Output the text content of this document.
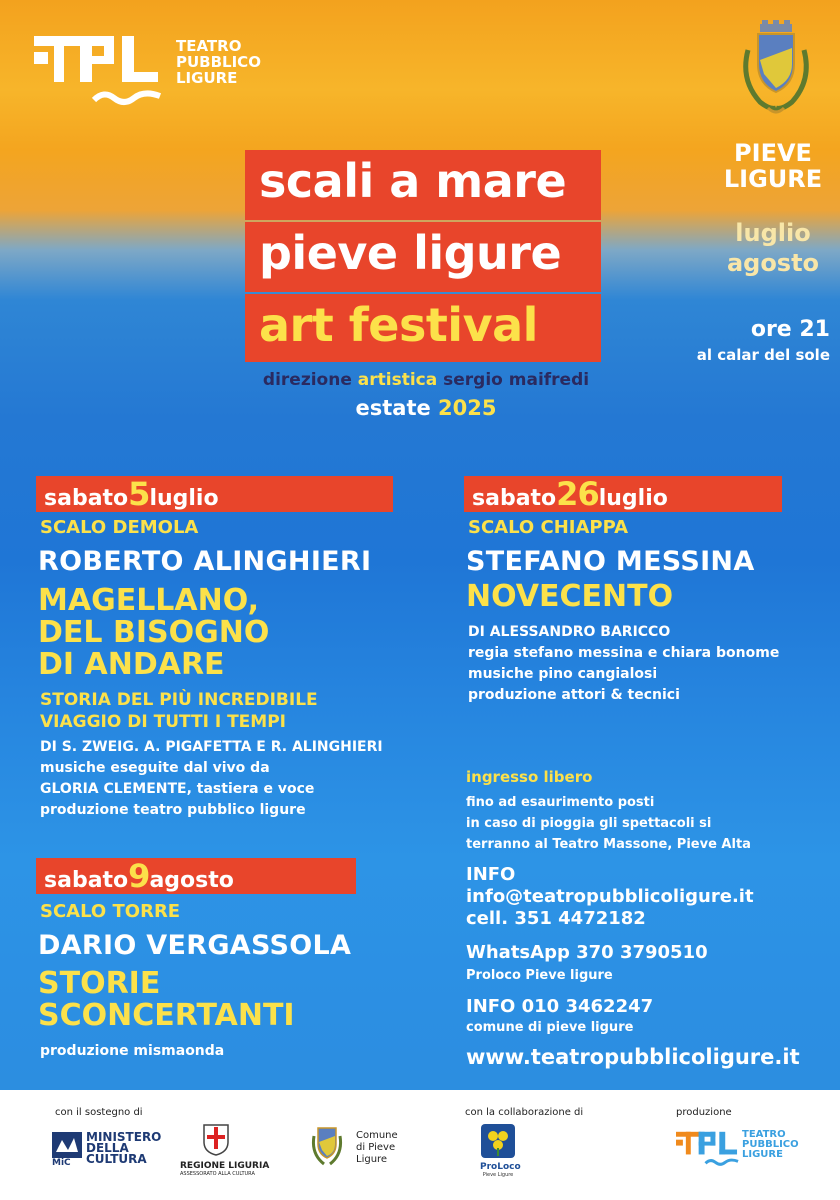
TEATRO
PUBBLICO
LIGURE
PIEVE
LIGURE
luglio
agosto
ore 21
al calar del sole
scali a mare
pieve ligure
art festival
direzione artistica sergio maifredi
estate 2025
sabato5luglio
SCALO DEMOLA
ROBERTO ALINGHIERI
MAGELLANO,
DEL BISOGNO
DI ANDARE
STORIA DEL PIÙ INCREDIBILE
VIAGGIO DI TUTTI I TEMPI
DI S. ZWEIG. A. PIGAFETTA E R. ALINGHIERI
musiche eseguite dal vivo da
GLORIA CLEMENTE, tastiera e voce
produzione teatro pubblico ligure
sabato26luglio
SCALO CHIAPPA
STEFANO MESSINA
NOVECENTO
DI ALESSANDRO BARICCO
regia stefano messina e chiara bonome
musiche pino cangialosi
produzione attori & tecnici
sabato9agosto
SCALO TORRE
DARIO VERGASSOLA
STORIE
SCONCERTANTI
produzione mismaonda
ingresso libero
fino ad esaurimento posti
in caso di pioggia gli spettacoli si
terranno al Teatro Massone, Pieve Alta
INFO
info@teatropubblicoligure.it
cell. 351 4472182
WhatsApp 370 3790510
Proloco Pieve ligure
INFO 010 3462247
comune di pieve ligure
www.teatropubblicoligure.it
con il sostegno di	con la collaborazione di	produzione
MiC
MINISTERO
DELLA
CULTURA	REGIONE LIGURIA
ASSESSORATO ALLA CULTURA
Comune
di Pieve
Ligure
ProLoco
Pieve Ligure
TEATRO
PUBBLICO
LIGURE
